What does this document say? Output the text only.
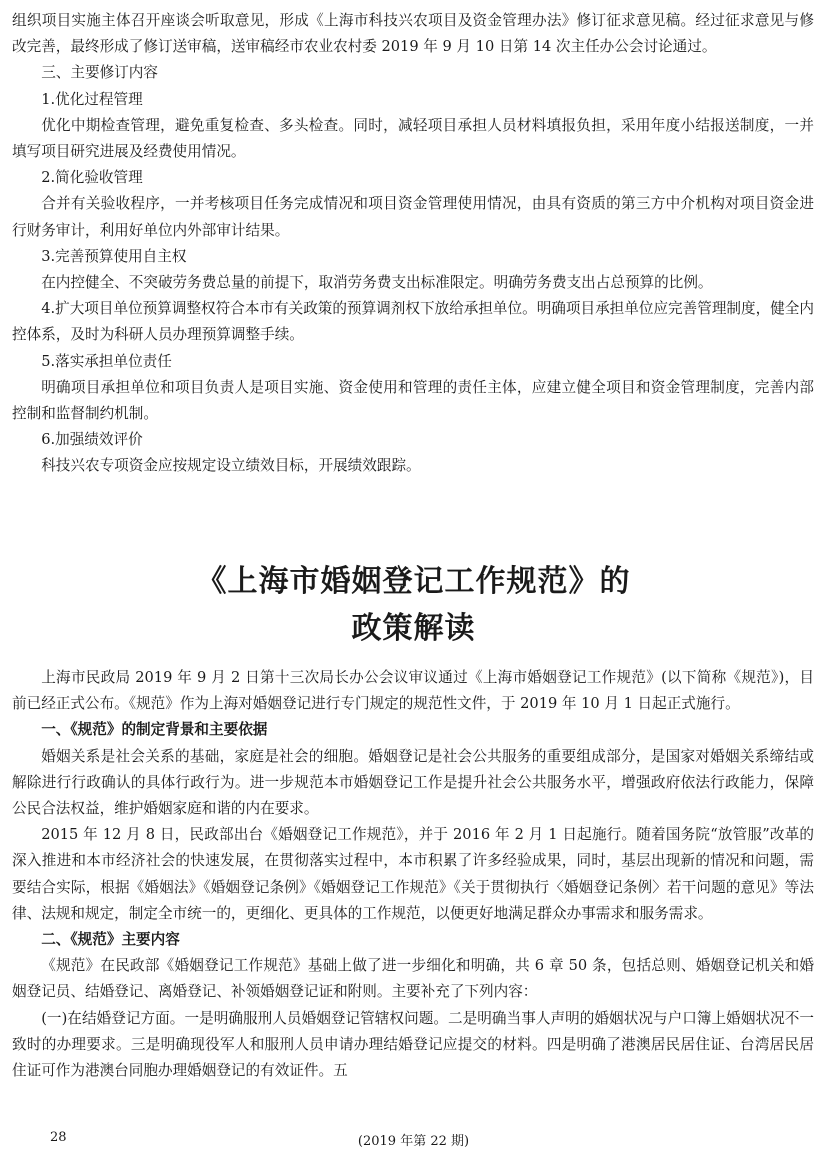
组织项目实施主体召开座谈会听取意见，形成《上海市科技兴农项目及资金管理办法》修订征求意见稿。经过征求意见与修改完善，最终形成了修订送审稿，送审稿经市农业农村委 2019 年 9 月 10 日第 14 次主任办公会讨论通过。

三、主要修订内容

1.优化过程管理

优化中期检查管理，避免重复检查、多头检查。同时，减轻项目承担人员材料填报负担，采用年度小结报送制度，一并填写项目研究进展及经费使用情况。

2.简化验收管理

合并有关验收程序，一并考核项目任务完成情况和项目资金管理使用情况，由具有资质的第三方中介机构对项目资金进行财务审计，利用好单位内外部审计结果。

3.完善预算使用自主权

在内控健全、不突破劳务费总量的前提下，取消劳务费支出标准限定。明确劳务费支出占总预算的比例。

4.扩大项目单位预算调整权符合本市有关政策的预算调剂权下放给承担单位。明确项目承担单位应完善管理制度，健全内控体系，及时为科研人员办理预算调整手续。

5.落实承担单位责任

明确项目承担单位和项目负责人是项目实施、资金使用和管理的责任主体，应建立健全项目和资金管理制度，完善内部控制和监督制约机制。

6.加强绩效评价

科技兴农专项资金应按规定设立绩效目标，开展绩效跟踪。

《上海市婚姻登记工作规范》的
政策解读

上海市民政局 2019 年 9 月 2 日第十三次局长办公会议审议通过《上海市婚姻登记工作规范》(以下简称《规范》)，目前已经正式公布。《规范》作为上海对婚姻登记进行专门规定的规范性文件，于 2019 年 10 月 1 日起正式施行。

一、《规范》的制定背景和主要依据

婚姻关系是社会关系的基础，家庭是社会的细胞。婚姻登记是社会公共服务的重要组成部分，是国家对婚姻关系缔结或解除进行行政确认的具体行政行为。进一步规范本市婚姻登记工作是提升社会公共服务水平，增强政府依法行政能力，保障公民合法权益，维护婚姻家庭和谐的内在要求。

2015 年 12 月 8 日，民政部出台《婚姻登记工作规范》，并于 2016 年 2 月 1 日起施行。随着国务院“放管服”改革的深入推进和本市经济社会的快速发展，在贯彻落实过程中，本市积累了许多经验成果，同时，基层出现新的情况和问题，需要结合实际，根据《婚姻法》《婚姻登记条例》《婚姻登记工作规范》《关于贯彻执行〈婚姻登记条例〉若干问题的意见》等法律、法规和规定，制定全市统一的，更细化、更具体的工作规范，以便更好地满足群众办事需求和服务需求。

二、《规范》主要内容

《规范》在民政部《婚姻登记工作规范》基础上做了进一步细化和明确，共 6 章 50 条，包括总则、婚姻登记机关和婚姻登记员、结婚登记、离婚登记、补领婚姻登记证和附则。主要补充了下列内容：

(一)在结婚登记方面。一是明确服刑人员婚姻登记管辖权问题。二是明确当事人声明的婚姻状况与户口簿上婚姻状况不一致时的办理要求。三是明确现役军人和服刑人员申请办理结婚登记应提交的材料。四是明确了港澳居民居住证、台湾居民居住证可作为港澳台同胞办理婚姻登记的有效证件。五

28	(2019 年第 22 期)
